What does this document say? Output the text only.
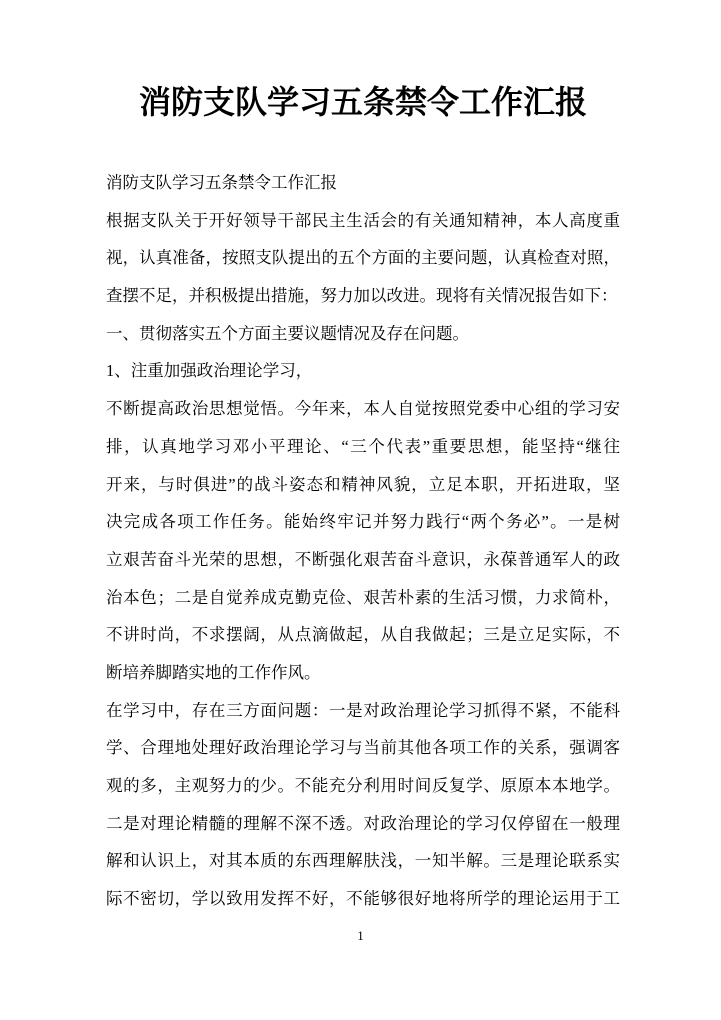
消防支队学习五条禁令工作汇报
消防支队学习五条禁令工作汇报
根据支队关于开好领导干部民主生活会的有关通知精神，本人高度重
视，认真准备，按照支队提出的五个方面的主要问题，认真检查对照，
查摆不足，并积极提出措施，努力加以改进。现将有关情况报告如下：
一、贯彻落实五个方面主要议题情况及存在问题。
1、注重加强政治理论学习，
不断提高政治思想觉悟。今年来，本人自觉按照党委中心组的学习安
排，认真地学习邓小平理论、“三个代表”重要思想，能坚持“继往
开来，与时俱进”的战斗姿态和精神风貌，立足本职，开拓进取，坚
决完成各项工作任务。能始终牢记并努力践行“两个务必”。一是树
立艰苦奋斗光荣的思想，不断强化艰苦奋斗意识，永葆普通军人的政
治本色；二是自觉养成克勤克俭、艰苦朴素的生活习惯，力求简朴，
不讲时尚，不求摆阔，从点滴做起，从自我做起；三是立足实际，不
断培养脚踏实地的工作作风。
在学习中，存在三方面问题：一是对政治理论学习抓得不紧，不能科
学、合理地处理好政治理论学习与当前其他各项工作的关系，强调客
观的多，主观努力的少。不能充分利用时间反复学、原原本本地学。
二是对理论精髓的理解不深不透。对政治理论的学习仅停留在一般理
解和认识上，对其本质的东西理解肤浅，一知半解。三是理论联系实
际不密切，学以致用发挥不好，不能够很好地将所学的理论运用于工
1
